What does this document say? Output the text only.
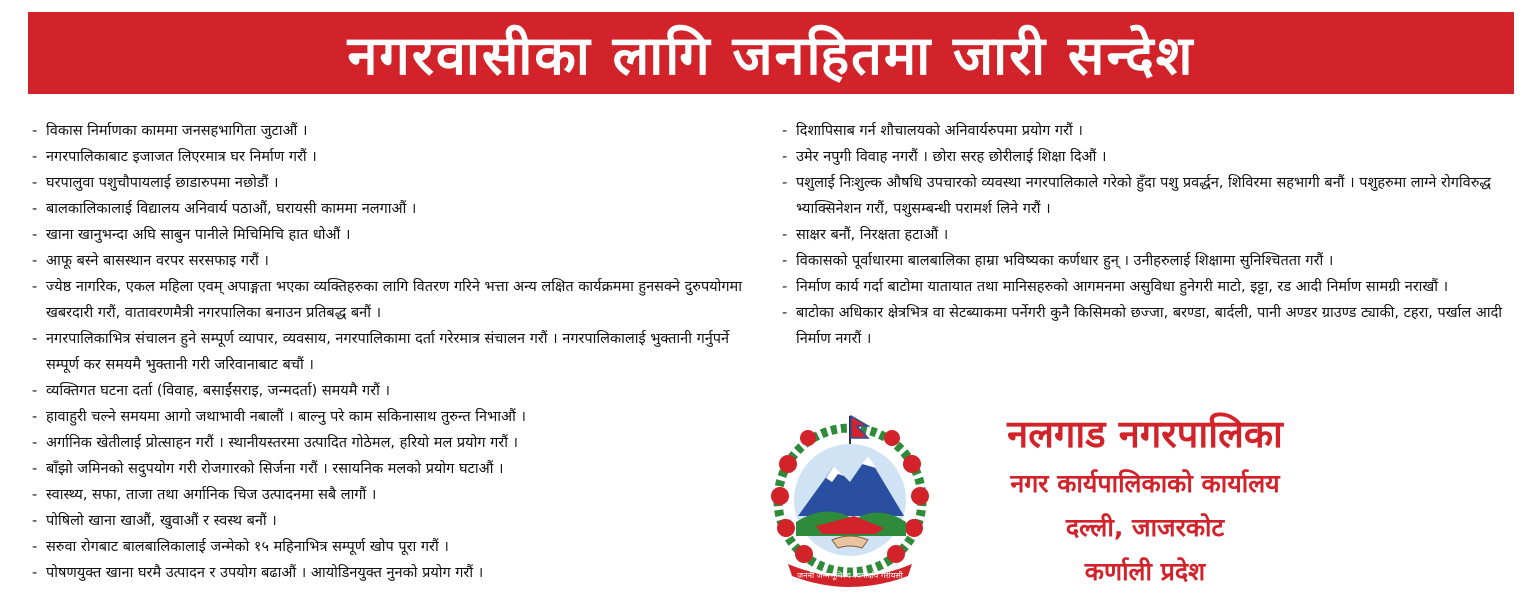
नगरवासीका लागि जनहितमा जारी सन्देश
- विकास निर्माणका काममा जनसहभागिता जुटाऔं ।
- नगरपालिकाबाट इजाजत लिएरमात्र घर निर्माण गरौं ।
- घरपालुवा पशुचौपायलाई छाडारुपमा नछोडौं ।
- बालकालिकालाई विद्यालय अनिवार्य पठाऔं, घरायसी काममा नलगाऔं ।
- खाना खानुभन्दा अघि साबुन पानीले मिचिमिचि हात धोऔं ।
- आफू बस्ने बासस्थान वरपर सरसफाइ गरौं ।
- ज्येष्ठ नागरिक, एकल महिला एवम् अपाङ्गता भएका व्यक्तिहरुका लागि वितरण गरिने भत्ता अन्य लक्षित कार्यक्रममा हुनसक्ने दुरुपयोगमा खबरदारी गरौं, वातावरणमैत्री नगरपालिका बनाउन प्रतिबद्ध बनौं ।
- नगरपालिकाभित्र संचालन हुने सम्पूर्ण व्यापार, व्यवसाय, नगरपालिकामा दर्ता गरेरमात्र संचालन गरौं । नगरपालिकालाई भुक्तानी गर्नुपर्ने सम्पूर्ण कर समयमै भुक्तानी गरी जरिवानाबाट बचौं ।
- व्यक्तिगत घटना दर्ता (विवाह, बसाईंसराइ, जन्मदर्ता) समयमै गरौं ।
- हावाहुरी चल्ने समयमा आगो जथाभावी नबालौं । बाल्नु परे काम सकिनासाथ तुरुन्त निभाऔं ।
- अर्गानिक खेतीलाई प्रोत्साहन गरौं । स्थानीयस्तरमा उत्पादित गोठेमल, हरियो मल प्रयोग गरौं ।
- बाँझो जमिनको सदुपयोग गरी रोजगारको सिर्जना गरौं । रसायनिक मलको प्रयोग घटाऔं ।
- स्वास्थ्य, सफा, ताजा तथा अर्गानिक चिज उत्पादनमा सबै लागौं ।
- पोषिलो खाना खाऔं, खुवाऔं र स्वस्थ बनौं ।
- सरुवा रोगबाट बालबालिकालाई जन्मेको १५ महिनाभित्र सम्पूर्ण खोप पूरा गरौं ।
- पोषणयुक्त खाना घरमै उत्पादन र उपयोग बढाऔं । आयोडिनयुक्त नुनको प्रयोग गरौं ।
- दिशापिसाब गर्न शौचालयको अनिवार्यरुपमा प्रयोग गरौं ।
- उमेर नपुगी विवाह नगरौं । छोरा सरह छोरीलाई शिक्षा दिऔं ।
- पशुलाई निःशुल्क औषधि उपचारको व्यवस्था नगरपालिकाले गरेको हुँदा पशु प्रवर्द्धन, शिविरमा सहभागी बनौं । पशुहरुमा लाग्ने रोगविरुद्ध भ्याक्सिनेशन गरौं, पशुसम्बन्धी परामर्श लिने गरौं ।
- साक्षर बनौं, निरक्षता हटाऔं ।
- विकासको पूर्वाधारमा बालबालिका हाम्रा भविष्यका कर्णधार हुन् । उनीहरुलाई शिक्षामा सुनिश्चितता गरौं ।
- निर्माण कार्य गर्दा बाटोमा यातायात तथा मानिसहरुको आगमनमा असुविधा हुनेगरी माटो, इट्टा, रड आदी निर्माण सामग्री नराखौं ।
- बाटोका अधिकार क्षेत्रभित्र वा सेटब्याकमा पर्नेगरी कुनै किसिमको छज्जा, बरण्डा, बार्दली, पानी अण्डर ग्राउण्ड ट्याकी, टहरा, पर्खाल आदी निर्माण नगरौं ।
जननी जन्मभूमिश्च स्वर्गादपि गरीयसी
नलगाड नगरपालिका
नगर कार्यपालिकाको कार्यालय
दल्ली, जाजरकोट
कर्णाली प्रदेश
